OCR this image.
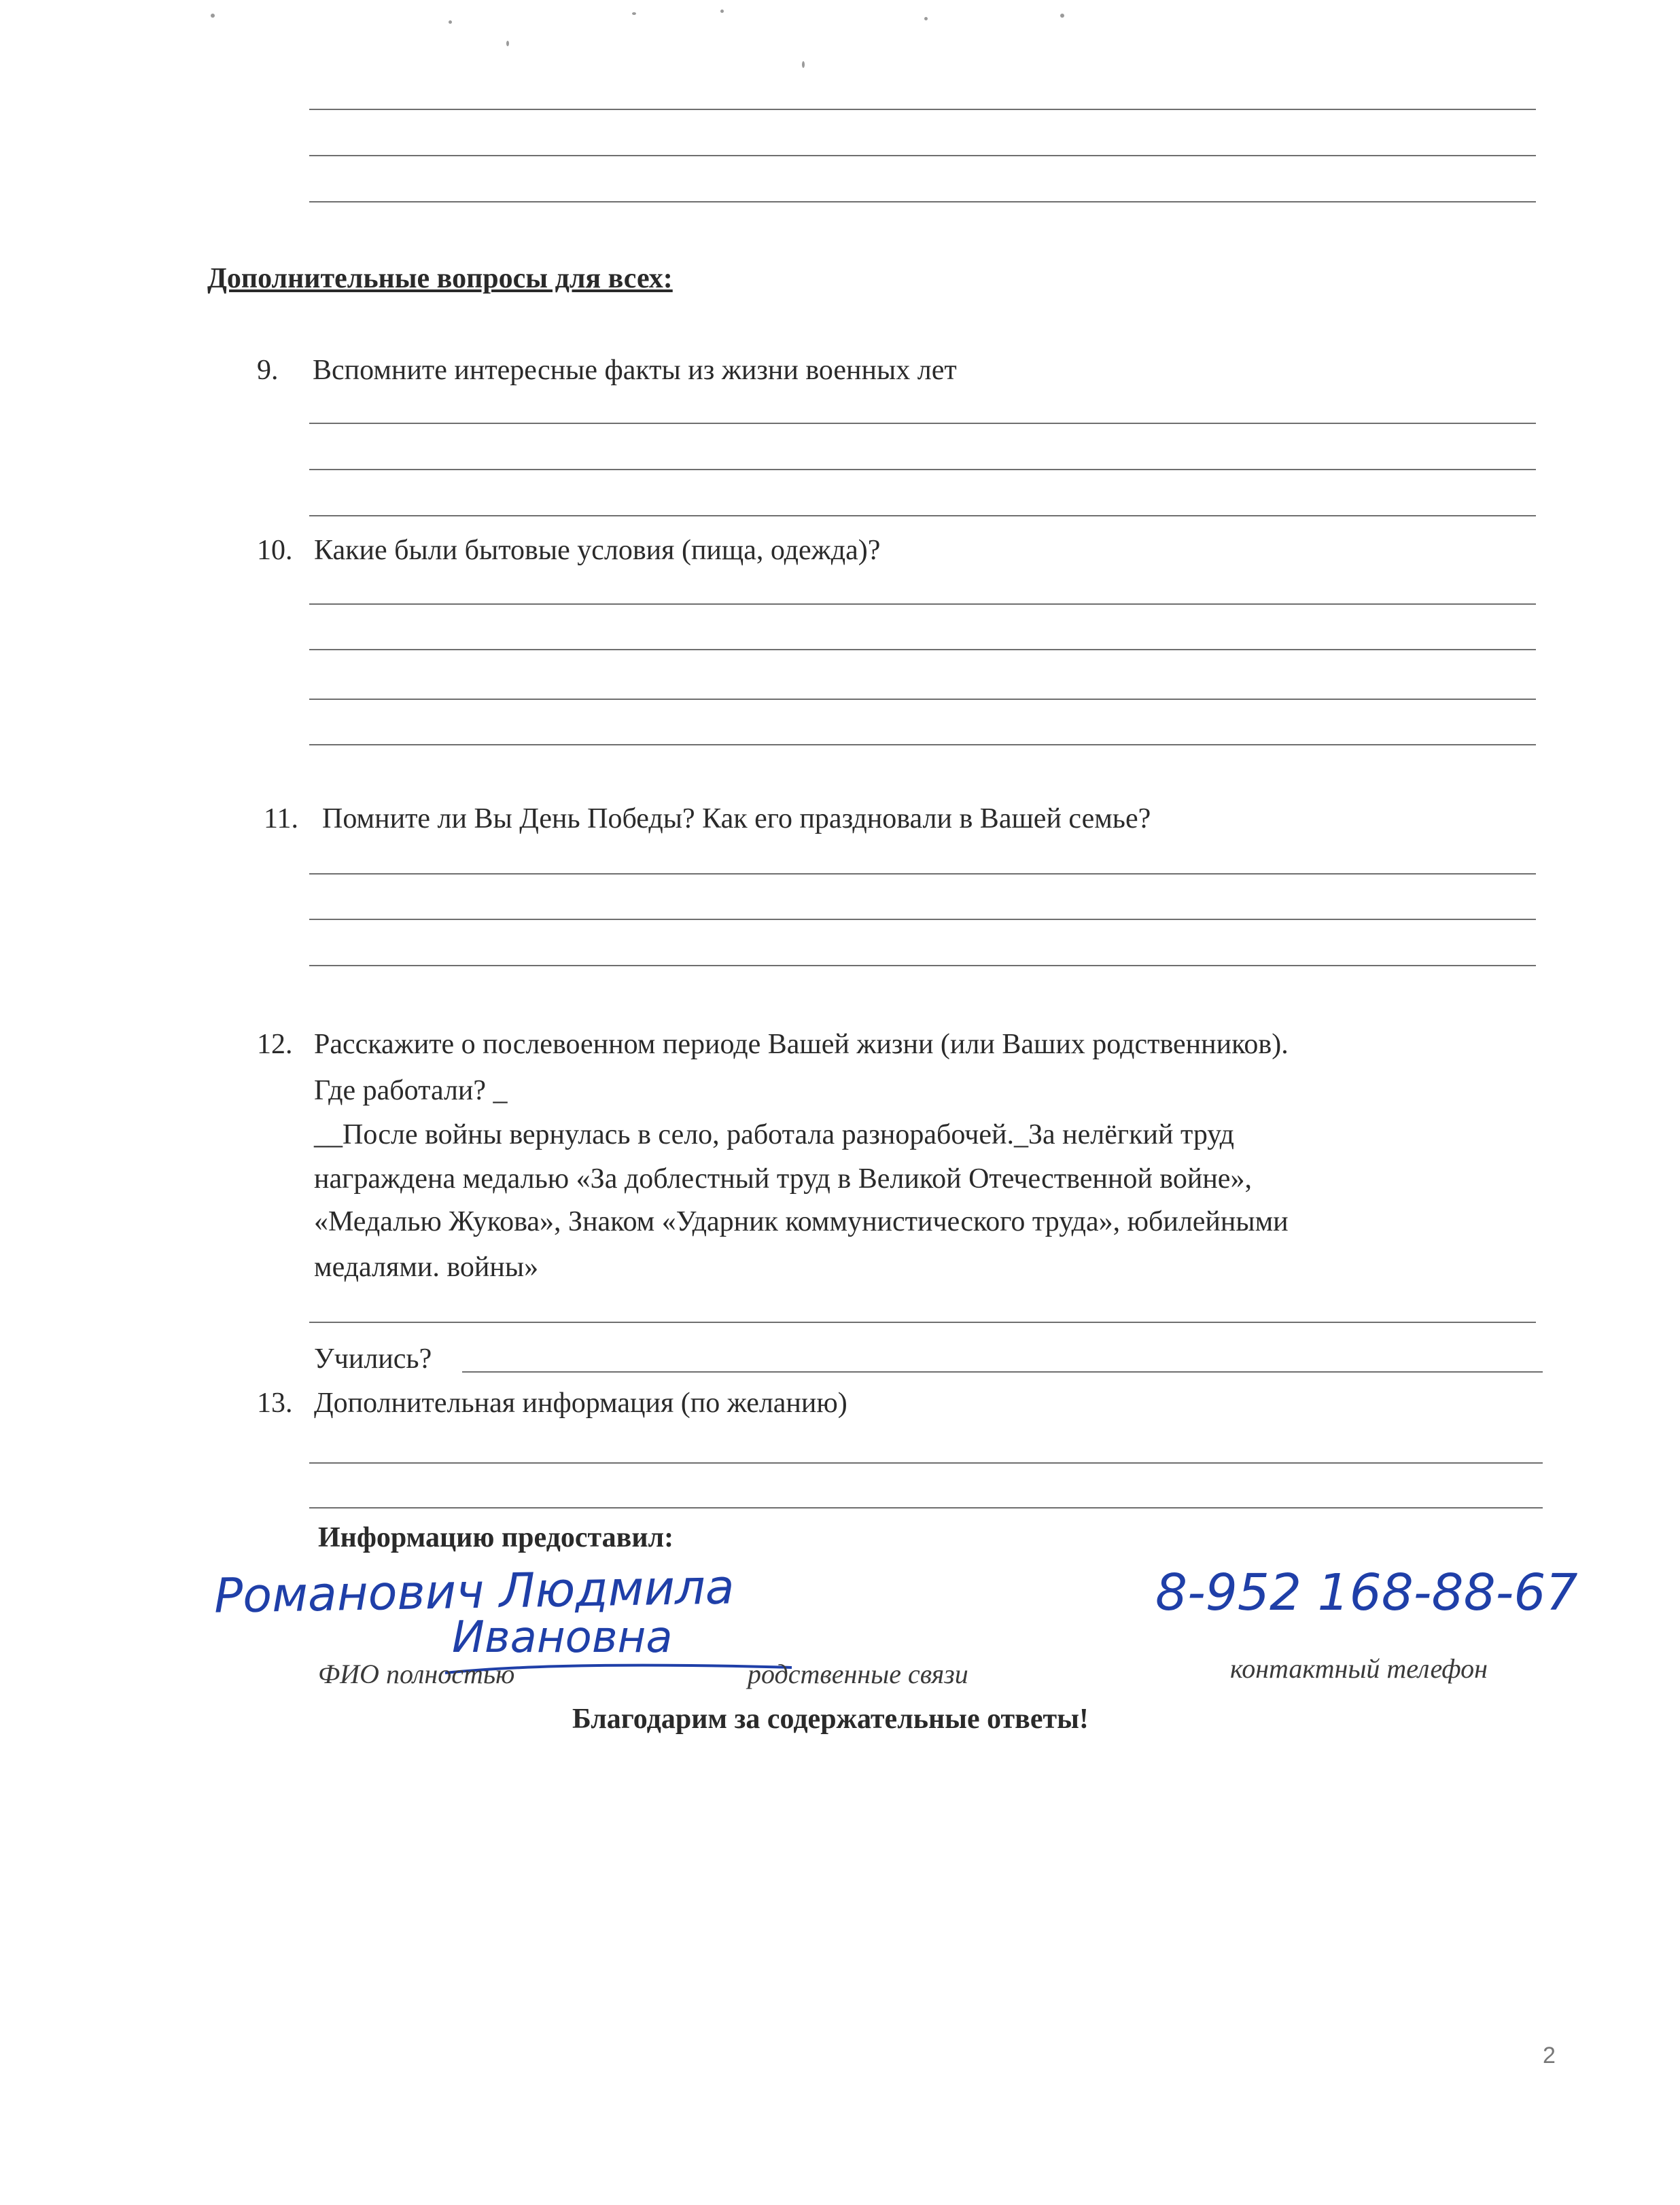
Дополнительные вопросы для всех:
9. Вспомните интересные факты из жизни военных лет
10. Какие были бытовые условия (пища, одежда)?
11. Помните ли Вы День Победы? Как его праздновали в Вашей семье?
12. Расскажите о послевоенном периоде Вашей жизни (или Ваших родственников).
Где работали? _
__После войны вернулась в село, работала разнорабочей._За нелёгкий труд
награждена медалью «За доблестный труд в Великой Отечественной войне»,
«Медалью Жукова», Знаком «Ударник коммунистического труда», юбилейными
медалями. войны»
Учились?
13. Дополнительная информация (по желанию)
Информацию предоставил:
Романович Людмила
Ивановна
8-952 168-88-67
ФИО полностью	родственные связи	контактный телефон
Благодарим за содержательные ответы!
2
